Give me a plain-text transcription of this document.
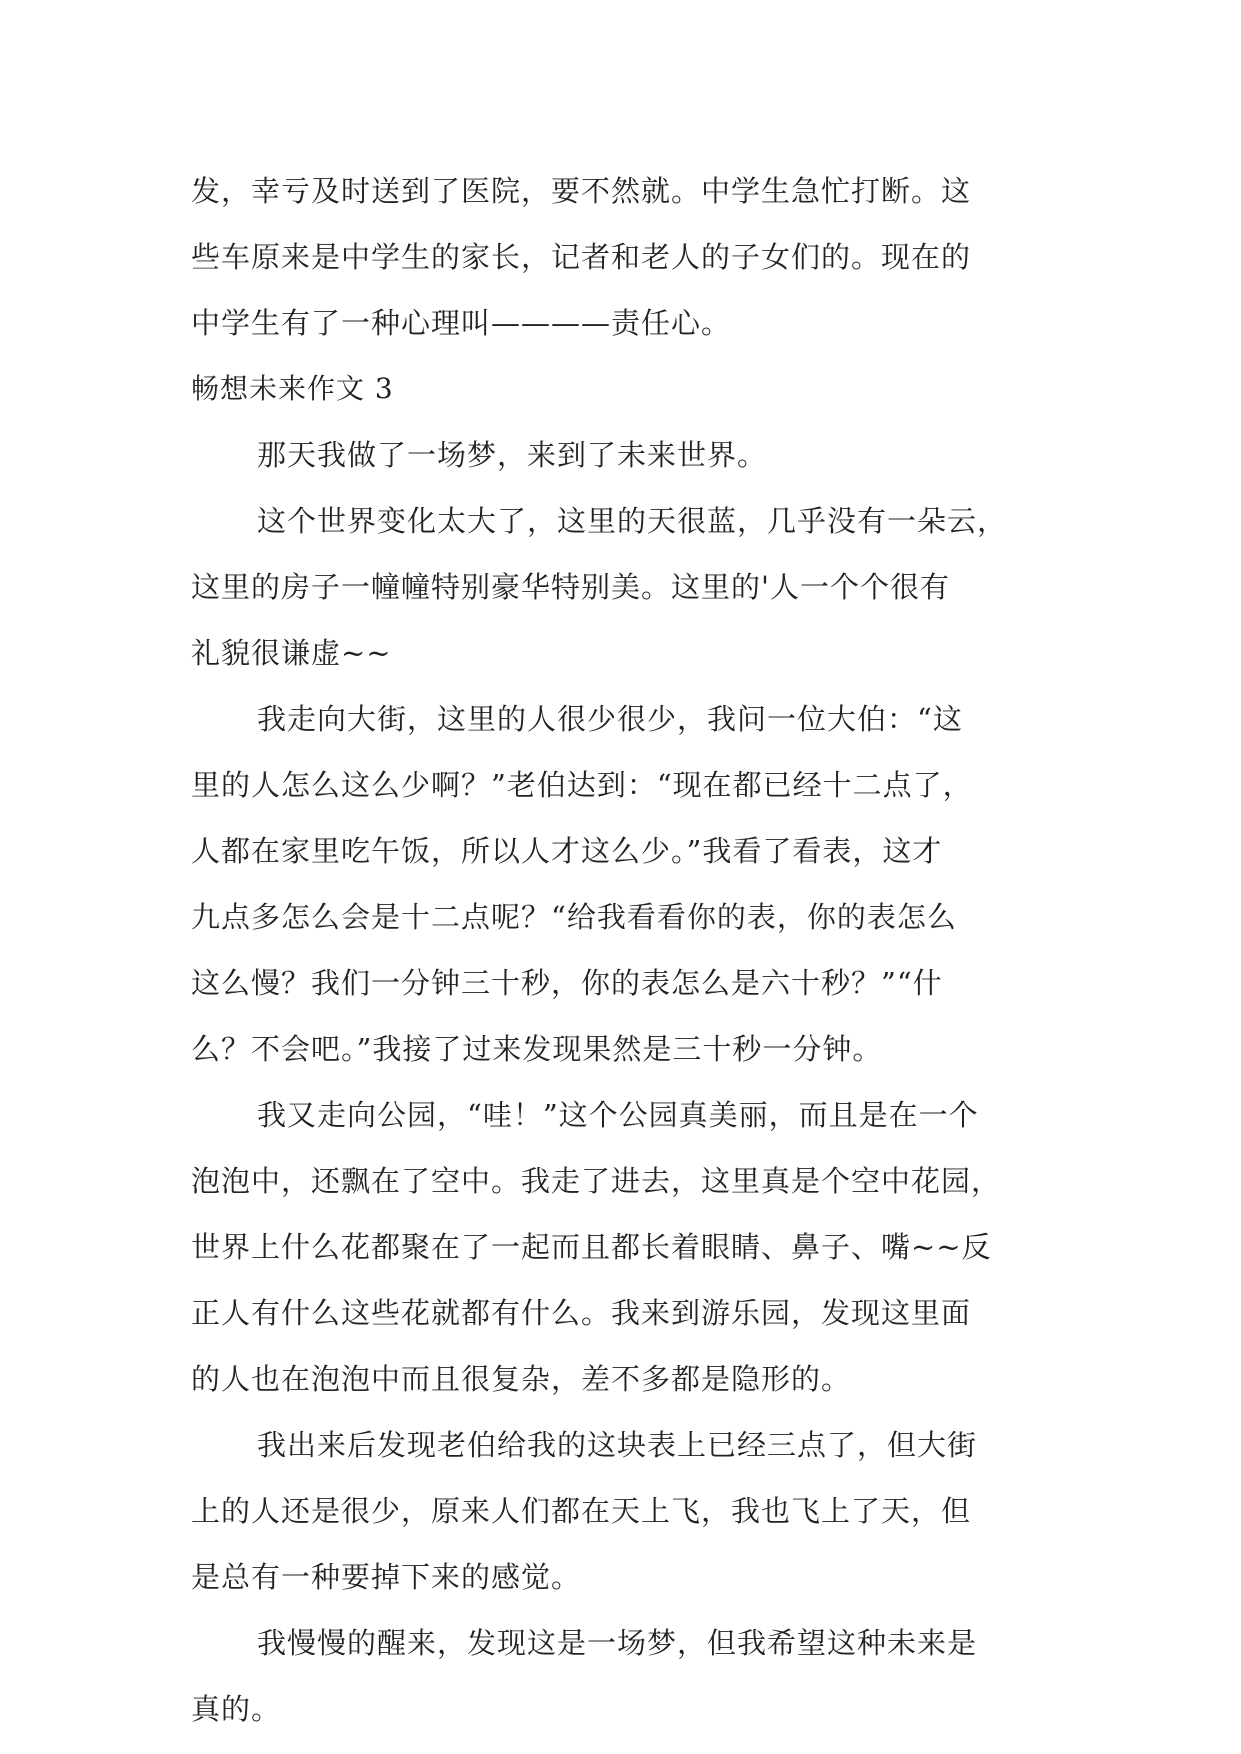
发，幸亏及时送到了医院，要不然就。中学生急忙打断。这
些车原来是中学生的家长，记者和老人的子女们的。现在的
中学生有了一种心理叫————责任心。
畅想未来作文 3
那天我做了一场梦，来到了未来世界。
这个世界变化太大了，这里的天很蓝，几乎没有一朵云，
这里的房子一幢幢特别豪华特别美。这里的'人一个个很有
礼貌很谦虚~~
我走向大街，这里的人很少很少，我问一位大伯：“这
里的人怎么这么少啊？”老伯达到：“现在都已经十二点了，
人都在家里吃午饭，所以人才这么少。”我看了看表，这才
九点多怎么会是十二点呢？“给我看看你的表，你的表怎么
这么慢？我们一分钟三十秒，你的表怎么是六十秒？”“什
么？不会吧。”我接了过来发现果然是三十秒一分钟。
我又走向公园，“哇！”这个公园真美丽，而且是在一个
泡泡中，还飘在了空中。我走了进去，这里真是个空中花园，
世界上什么花都聚在了一起而且都长着眼睛、鼻子、嘴~~反
正人有什么这些花就都有什么。我来到游乐园，发现这里面
的人也在泡泡中而且很复杂，差不多都是隐形的。
我出来后发现老伯给我的这块表上已经三点了，但大街
上的人还是很少，原来人们都在天上飞，我也飞上了天，但
是总有一种要掉下来的感觉。
我慢慢的醒来，发现这是一场梦，但我希望这种未来是
真的。
